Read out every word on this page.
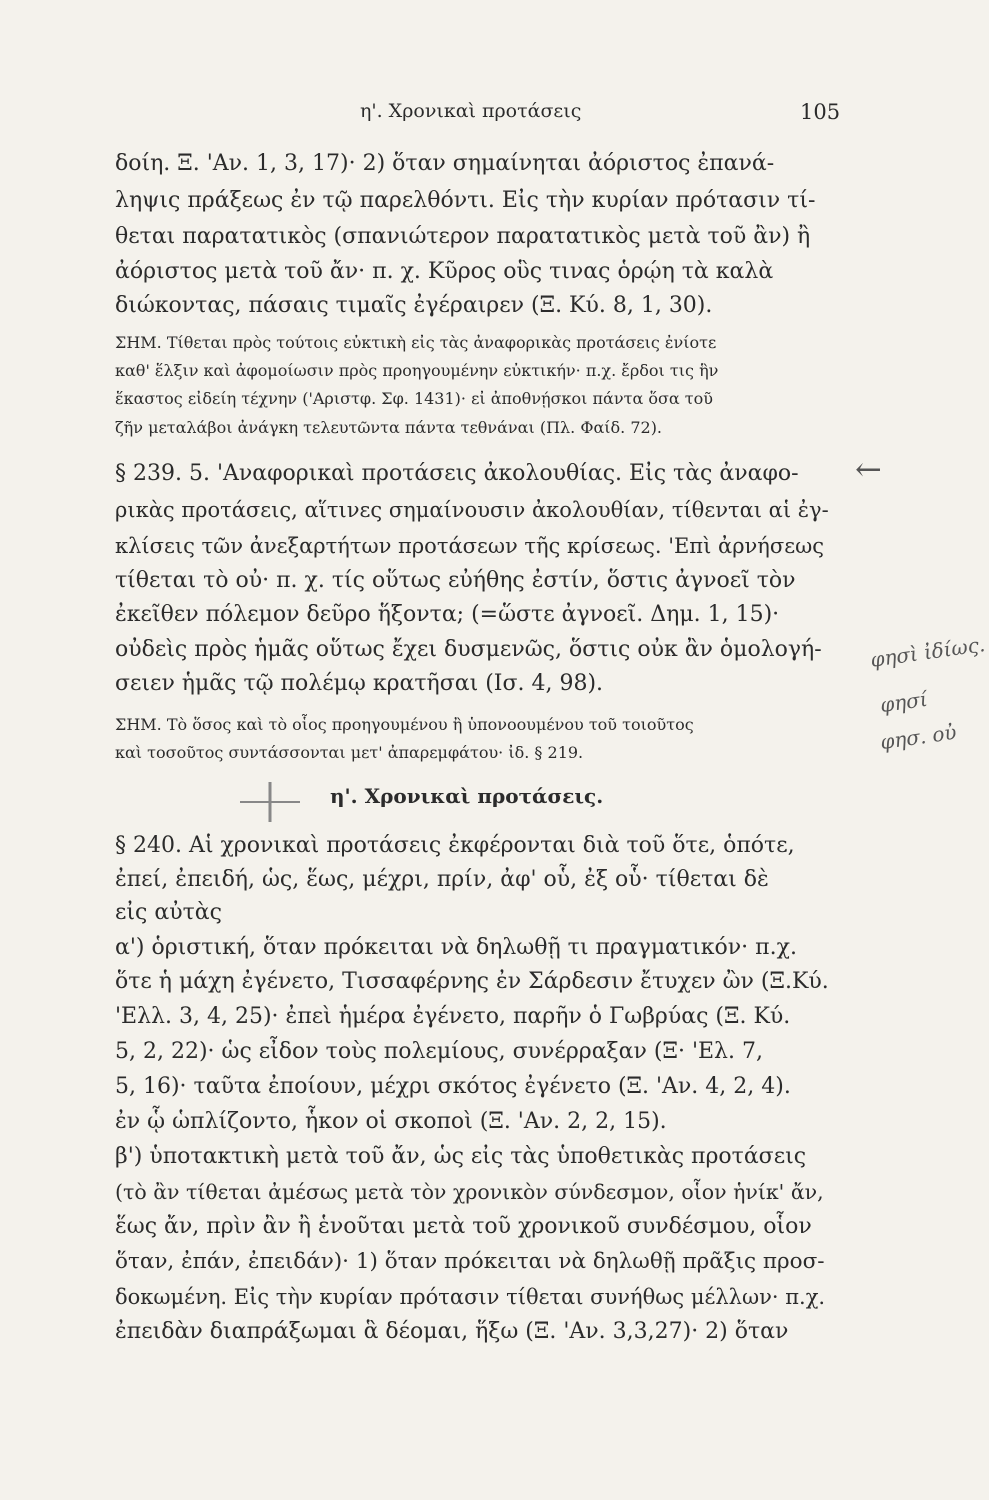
η'. Χρονικαὶ προτάσεις	105
δοίη. Ξ. 'Αν. 1, 3, 17)· 2) ὅταν σημαίνηται ἀόριστος ἐπανά-
ληψις πράξεως ἐν τῷ παρελθόντι. Εἰς τὴν κυρίαν πρότασιν τί-
θεται παρατατικὸς (σπανιώτερον παρατατικὸς μετὰ τοῦ ἂν) ἢ
ἀόριστος μετὰ τοῦ ἄν· π. χ. Κῦρος οὓς τινας ὁρῴη τὰ καλὰ
διώκοντας, πάσαις τιμαῖς ἐγέραιρεν (Ξ. Κύ. 8, 1, 30).
ΣΗΜ. Τίθεται πρὸς τούτοις εὐκτικὴ εἰς τὰς ἀναφορικὰς προτάσεις ἐνίοτε
καθ' ἕλξιν καὶ ἀφομοίωσιν πρὸς προηγουμένην εὐκτικήν· π.χ. ἔρδοι τις ἣν
ἕκαστος εἰδείη τέχνην ('Αριστφ. Σφ. 1431)· εἰ ἀποθνῄσκοι πάντα ὅσα τοῦ
ζῆν μεταλάβοι ἀνάγκη τελευτῶντα πάντα τεθνάναι (Πλ. Φαίδ. 72).
§ 239. 5. 'Αναφορικαὶ προτάσεις ἀκολουθίας. Εἰς τὰς ἀναφο-
ρικὰς προτάσεις, αἵτινες σημαίνουσιν ἀκολουθίαν, τίθενται αἱ ἐγ-
κλίσεις τῶν ἀνεξαρτήτων προτάσεων τῆς κρίσεως. 'Επὶ ἀρνήσεως
τίθεται τὸ οὐ· π. χ. τίς οὕτως εὐήθης ἐστίν, ὅστις ἀγνοεῖ τὸν
ἐκεῖθεν πόλεμον δεῦρο ἥξοντα; (=ὥστε ἀγνοεῖ. Δημ. 1, 15)·
οὐδεὶς πρὸς ἡμᾶς οὕτως ἔχει δυσμενῶς, ὅστις οὐκ ἂν ὁμολογή-
σειεν ἡμᾶς τῷ πολέμῳ κρατῆσαι (Ισ. 4, 98).
ΣΗΜ. Τὸ ὅσος καὶ τὸ οἷος προηγουμένου ἢ ὑπονοουμένου τοῦ τοιοῦτος
καὶ τοσοῦτος συντάσσονται μετ' ἀπαρεμφάτου· ἰδ. § 219.
η'. Χρονικαὶ προτάσεις.
§ 240. Αἱ χρονικαὶ προτάσεις ἐκφέρονται διὰ τοῦ ὅτε, ὁπότε,
ἐπεί, ἐπειδή, ὡς, ἕως, μέχρι, πρίν, ἀφ' οὗ, ἐξ οὗ· τίθεται δὲ
εἰς αὐτὰς
α') ὁριστική, ὅταν πρόκειται νὰ δηλωθῇ τι πραγματικόν· π.χ.
ὅτε ἡ μάχη ἐγένετο, Τισσαφέρνης ἐν Σάρδεσιν ἔτυχεν ὢν (Ξ.Κύ.
'Ελλ. 3, 4, 25)· ἐπεὶ ἡμέρα ἐγένετο, παρῆν ὁ Γωβρύας (Ξ. Κύ.
5, 2, 22)· ὡς εἶδον τοὺς πολεμίους, συνέρραξαν (Ξ· 'Ελ. 7,
5, 16)· ταῦτα ἐποίουν, μέχρι σκότος ἐγένετο (Ξ. 'Αν. 4, 2, 4).
ἐν ᾧ ὡπλίζοντο, ἧκον οἱ σκοποὶ (Ξ. 'Αν. 2, 2, 15).
β') ὑποτακτικὴ μετὰ τοῦ ἄν, ὡς εἰς τὰς ὑποθετικὰς προτάσεις
(τὸ ἂν τίθεται ἀμέσως μετὰ τὸν χρονικὸν σύνδεσμον, οἷον ἡνίκ' ἄν,
ἕως ἄν, πρὶν ἂν ἢ ἑνοῦται μετὰ τοῦ χρονικοῦ συνδέσμου, οἷον
ὅταν, ἐπάν, ἐπειδάν)· 1) ὅταν πρόκειται νὰ δηλωθῇ πρᾶξις προσ-
δοκωμένη. Εἰς τὴν κυρίαν πρότασιν τίθεται συνήθως μέλλων· π.χ.
ἐπειδὰν διαπράξωμαι ἃ δέομαι, ἥξω (Ξ. 'Αν. 3,3,27)· 2) ὅταν
←
φησὶ ἰδίως.
φησί
φησ. οὐ
